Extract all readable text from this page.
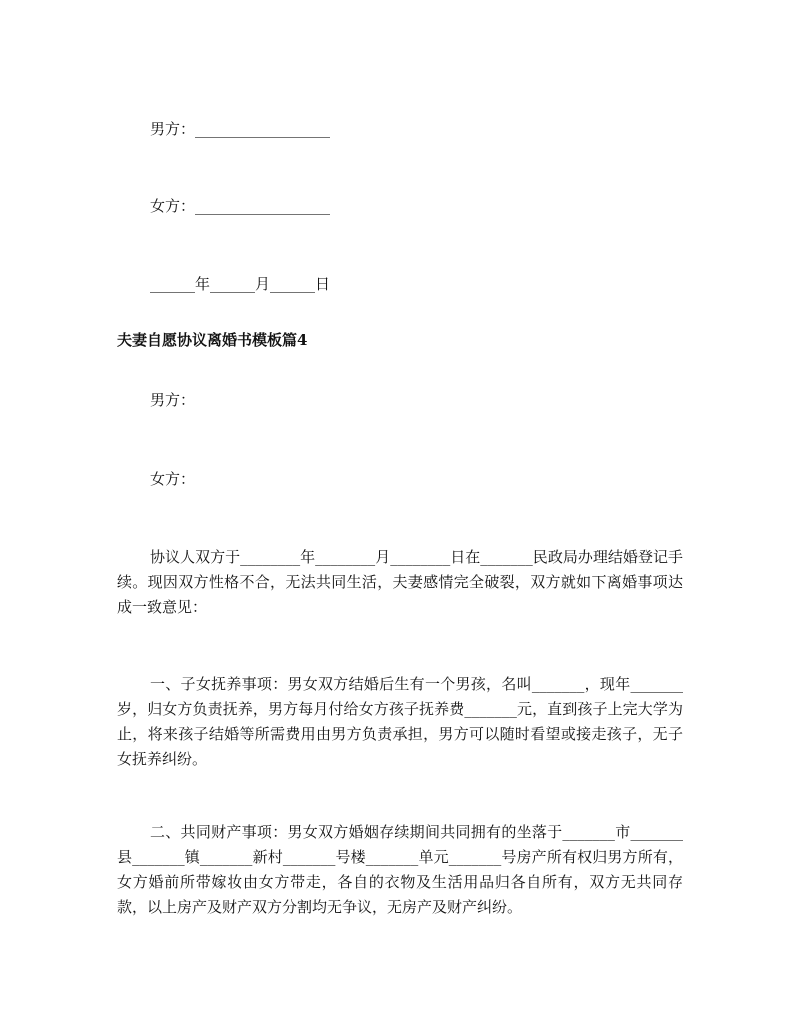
男方：__________________

女方：__________________

______年______月______日

夫妻自愿协议离婚书模板篇4

男方：

女方：

协议人双方于________年________月________日在_______民政局办理结婚登记手续。现因双方性格不合，无法共同生活，夫妻感情完全破裂，双方就如下离婚事项达成一致意见：

一、子女抚养事项：男女双方结婚后生有一个男孩，名叫_______，现年_______岁，归女方负责抚养，男方每月付给女方孩子抚养费_______元，直到孩子上完大学为止，将来孩子结婚等所需费用由男方负责承担，男方可以随时看望或接走孩子，无子女抚养纠纷。

二、共同财产事项：男女双方婚姻存续期间共同拥有的坐落于_______市_______县_______镇_______新村_______号楼_______单元_______号房产所有权归男方所有，女方婚前所带嫁妆由女方带走，各自的衣物及生活用品归各自所有，双方无共同存款，以上房产及财产双方分割均无争议，无房产及财产纠纷。
